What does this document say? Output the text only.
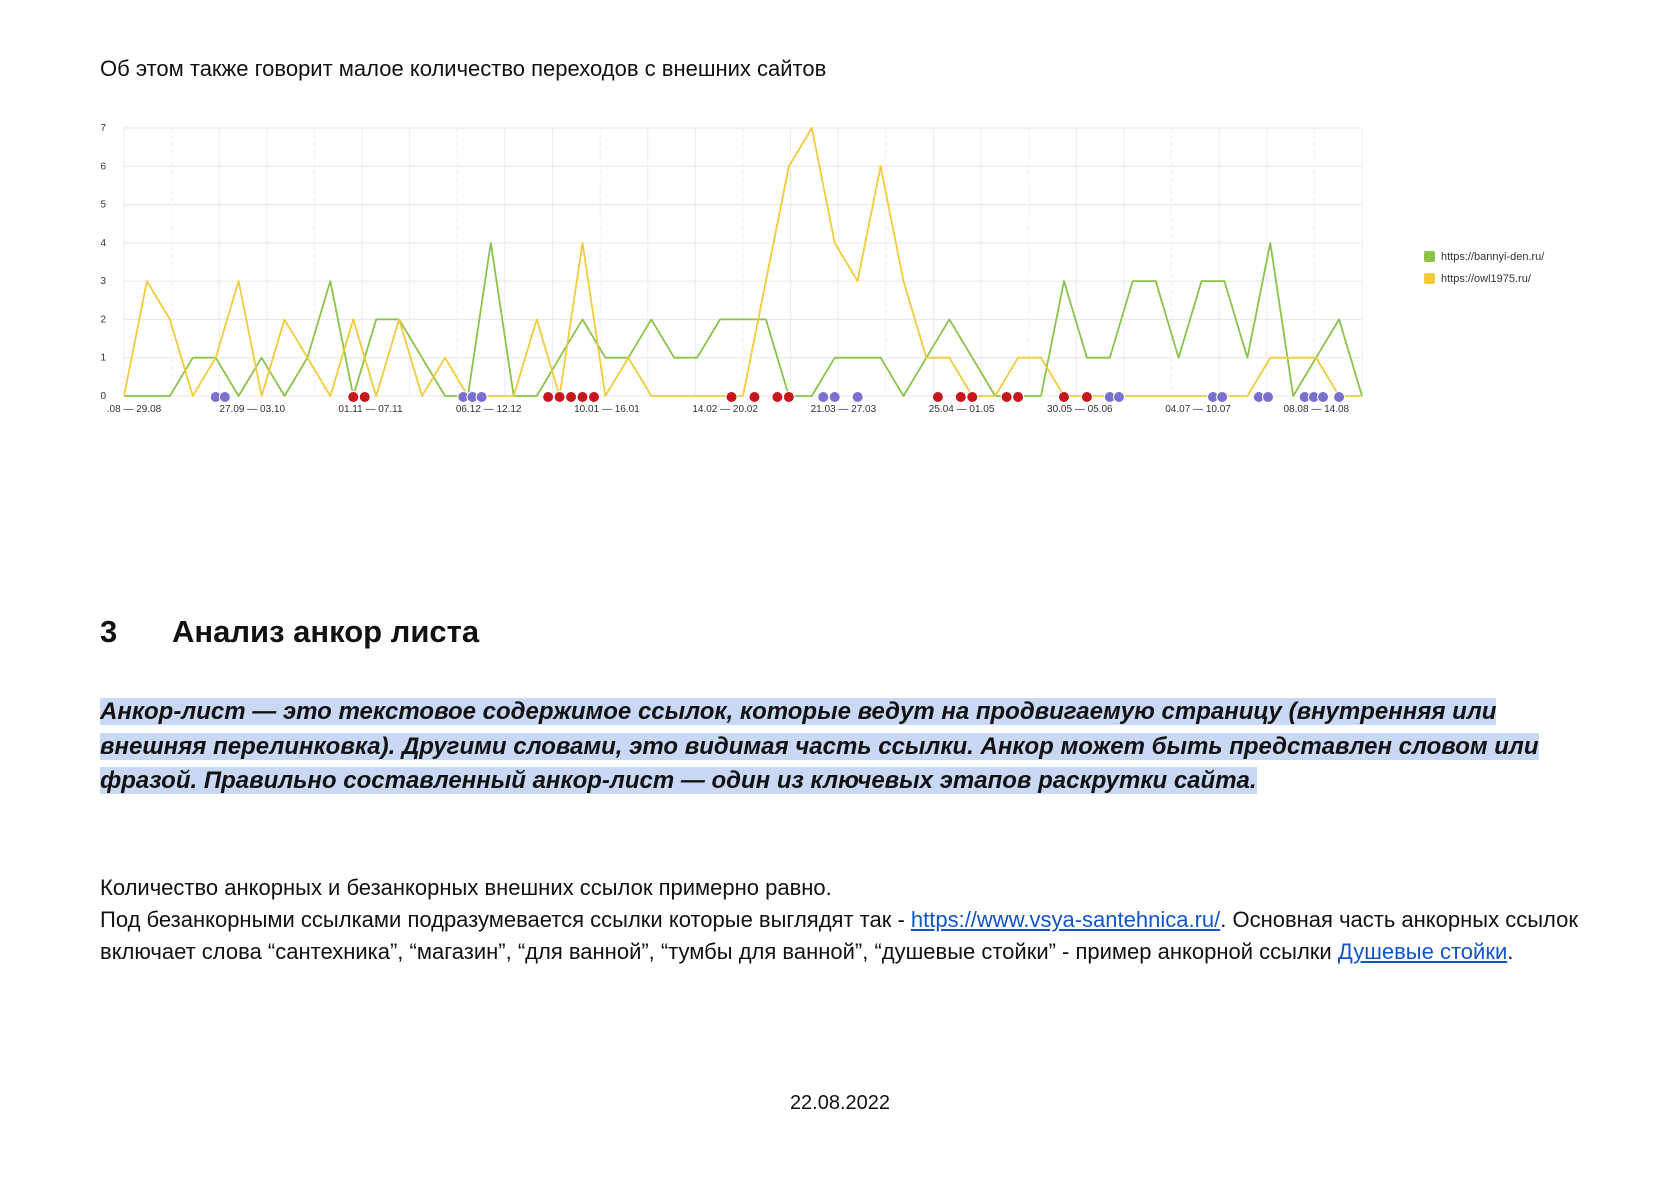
Об этом также говорит малое количество переходов с внешних сайтов

0
1
2
3
4
5
6
7
.08 — 29.08	27.09 — 03.10	01.11 — 07.11	06.12 — 12.12	10.01 — 16.01	14.02 — 20.02	21.03 — 27.03	25.04 — 01.05	30.05 — 05.06	04.07 — 10.07	08.08 — 14.08
https://bannyi-den.ru/
https://owl1975.ru/
3 Анализ анкор листа

Анкор-лист — это текстовое содержимое ссылок, которые ведут на продвигаемую страницу (внутренняя или внешняя перелинковка). Другими словами, это видимая часть ссылки. Анкор может быть представлен словом или фразой. Правильно составленный анкор-лист — один из ключевых этапов раскрутки сайта.

Количество анкорных и безанкорных внешних ссылок примерно равно.

Под безанкорными ссылками подразумевается ссылки которые выглядят так - https://www.vsya-santehnica.ru/. Основная часть анкорных ссылок включает слова “сантехника”, “магазин”, “для ванной”, “тумбы для ванной”, “душевые стойки” - пример анкорной ссылки Душевые стойки.

22.08.2022
